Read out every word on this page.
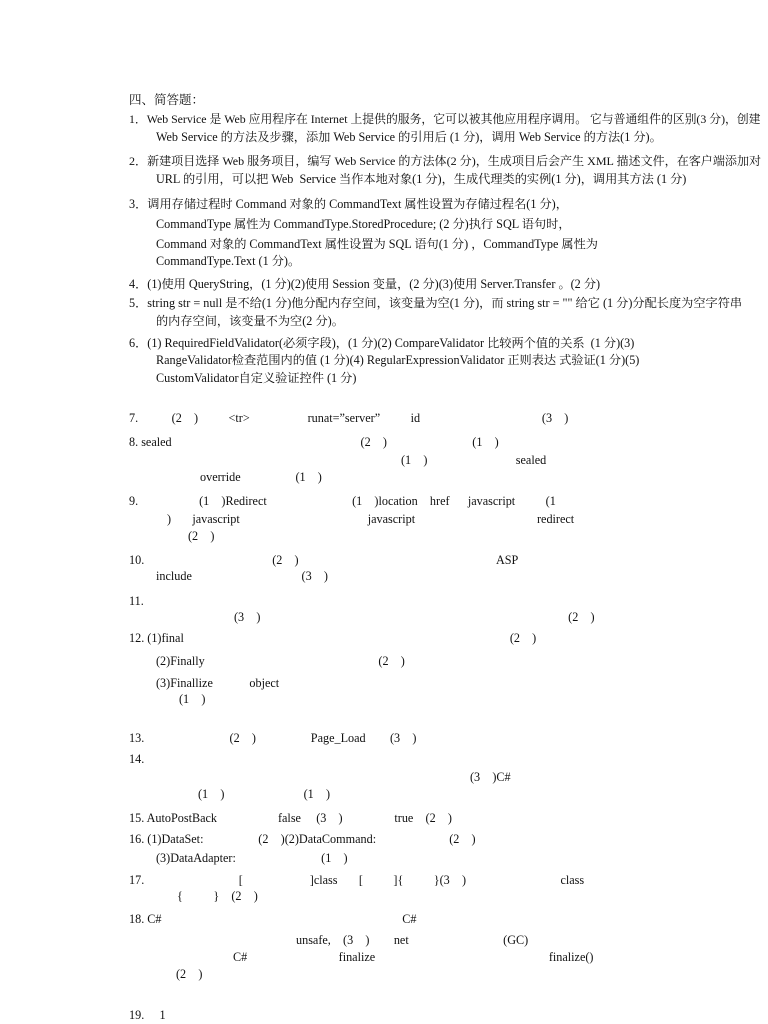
四、简答题：
1．Web Service 是 Web 应用程序在 Internet 上提供的服务，它可以被其他应用程序调用。 它与普通组件的区别(3 分)，创建
Web Service 的方法及步骤，添加 Web Service 的引用后 (1 分)，调用 Web Service 的方法(1 分)。
2．新建项目选择 Web 服务项目，编写 Web Service 的方法体(2 分)，生成项目后会产生 XML 描述文件，在客户端添加对
URL 的引用，可以把 Web  Service 当作本地对象(1 分)，生成代理类的实例(1 分)，调用其方法 (1 分)
3．调用存储过程时 Command 对象的 CommandText 属性设置为存储过程名(1 分)，
CommandType 属性为 CommandType.StoredProcedure; (2 分)执行 SQL 语句时，
Command 对象的 CommandText 属性设置为 SQL 语句(1 分) ，CommandType 属性为
CommandType.Text (1 分)。
4．(1)使用 QueryString，(1 分)(2)使用 Session 变量，(2 分)(3)使用 Server.Transfer 。(2 分)
5．string str = null 是不给(1 分)他分配内存空间，该变量为空(1 分)，而 string str = "" 给它 (1 分)分配长度为空字符串
的内存空间，该变量不为空(2 分)。
6．(1) RequiredFieldValidator(必须字段)，(1 分)(2) CompareValidator 比较两个值的关系  (1 分)(3)
RangeValidator检查范围内的值 (1 分)(4) RegularExpressionValidator 正则表达 式验证(1 分)(5)
CustomValidator自定义验证控件 (1 分)
7.           (2    )          <tr>                   runat=”server”          id                                        (3    )
8. sealed                                                              (2    )                            (1    )
(1    )                             sealed
override                  (1    )
9.                    (1    )Redirect                            (1    )location    href      javascript          (1
)       javascript                                          javascript                                        redirect
(2    )
10.                                          (2    )                                                                 ASP
include                                    (3    )
11.
(3    )                                                                                                     (2    )
12. (1)final                                                                                                           (2    )
(2)Finally                                                         (2    )
(3)Finallize            object
(1    )
13.                            (2    )                  Page_Load        (3    )
14.
(3    )C#
(1    )                          (1    )
15. AutoPostBack                    false     (3    )                 true    (2    )
16. (1)DataSet:                  (2    )(2)DataCommand:                        (2    )
(3)DataAdapter:                            (1    )
17.                               [                      ]class       [          ]{          }(3    )                               class
{          }    (2    )
18. C#                                                                               C#
unsafe,    (3    )        net                               (GC)
C#                              finalize                                                         finalize()
(2    )
19.     1
